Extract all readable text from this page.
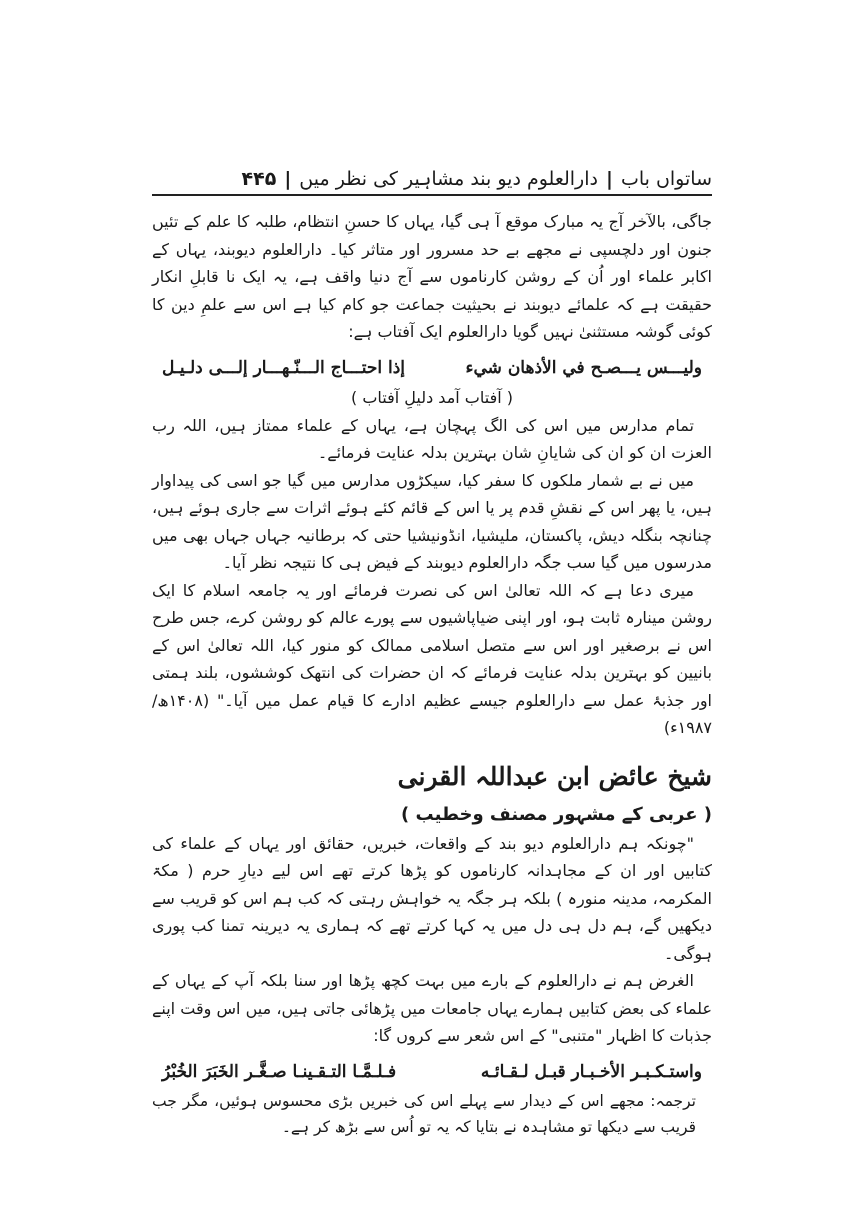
ساتواں باب
|
دارالعلوم دیو بند مشاہیر کی نظر میں
|
۴۴۵

جاگی، بالآخر آج یہ مبارک موقع آ ہی گیا، یہاں کا حسنِ انتظام، طلبہ کا علم کے تئیں جنون اور دلچسپی نے مجھے بے حد مسرور اور متاثر کیا۔ دارالعلوم دیوبند، یہاں کے اکابر علماء اور اُن کے روشن کارناموں سے آج دنیا واقف ہے، یہ ایک نا قابلِ انکار حقیقت ہے کہ علمائے دیوبند نے بحیثیت جماعت جو کام کیا ہے اس سے علمِ دین کا کوئی گوشہ مستثنیٰ نہیں گویا دارالعلوم ایک آفتاب ہے:

وليـــس يـــصـح في الأذهان شيء
إذا احتـــاج الـــنّـهـــار إلـــى دلـيـل
( آفتاب آمد دلیلِ آفتاب )

تمام مدارس میں اس کی الگ پہچان ہے، یہاں کے علماء ممتاز ہیں، اللہ رب العزت ان کو ان کی شایانِ شان بہترین بدلہ عنایت فرمائے۔

میں نے بے شمار ملکوں کا سفر کیا، سیکڑوں مدارس میں گیا جو اسی کی پیداوار ہیں، یا پھر اس کے نقشِ قدم پر یا اس کے قائم کئے ہوئے اثرات سے جاری ہوئے ہیں، چنانچہ بنگلہ دیش، پاکستان، ملیشیا، انڈونیشیا حتی کہ برطانیہ جہاں جہاں بھی میں مدرسوں میں گیا سب جگہ دارالعلوم دیوبند کے فیض ہی کا نتیجہ نظر آیا۔

میری دعا ہے کہ اللہ تعالیٰ اس کی نصرت فرمائے اور یہ جامعہ اسلام کا ایک روشن مینارہ ثابت ہو، اور اپنی ضیاپاشیوں سے پورے عالم کو روشن کرے، جس طرح اس نے برصغیر اور اس سے متصل اسلامی ممالک کو منور کیا، اللہ تعالیٰ اس کے بانیین کو بہترین بدلہ عنایت فرمائے کہ ان حضرات کی انتھک کوششوں، بلند ہمتی اور جذبۂ عمل سے دارالعلوم جیسے عظیم ادارے کا قیام عمل میں آیا۔" (۱۴۰۸ھ/ ۱۹۸۷ء)

شیخ عائض ابن عبداللہ القرنی
( عربی کے مشہور مصنف وخطیب )

"چونکہ ہم دارالعلوم دیو بند کے واقعات، خبریں، حقائق اور یہاں کے علماء کی کتابیں اور ان کے مجاہدانہ کارناموں کو پڑھا کرتے تھے اس لیے دیارِ حرم ( مکۃ المکرمہ، مدینہ منورہ ) بلکہ ہر جگہ یہ خواہش رہتی کہ کب ہم اس کو قریب سے دیکھیں گے، ہم دل ہی دل میں یہ کہا کرتے تھے کہ ہماری یہ دیرینہ تمنا کب پوری ہوگی۔

الغرض ہم نے دارالعلوم کے بارے میں بہت کچھ پڑھا اور سنا بلکہ آپ کے یہاں کے علماء کی بعض کتابیں ہمارے یہاں جامعات میں پڑھائی جاتی ہیں، میں اس وقت اپنے جذبات کا اظہار "متنبی" کے اس شعر سے کروں گا:

واستـكـبـر الأخـبـار قبـل لـقـائـه
فـلـمَّـا التـقـينـا صـغَّـر الخَبَرَ الخُبْرُ

ترجمہ: مجھے اس کے دیدار سے پہلے اس کی خبریں بڑی محسوس ہوئیں، مگر جب قریب سے دیکھا تو مشاہدہ نے بتایا کہ یہ تو اُس سے بڑھ کر ہے۔
